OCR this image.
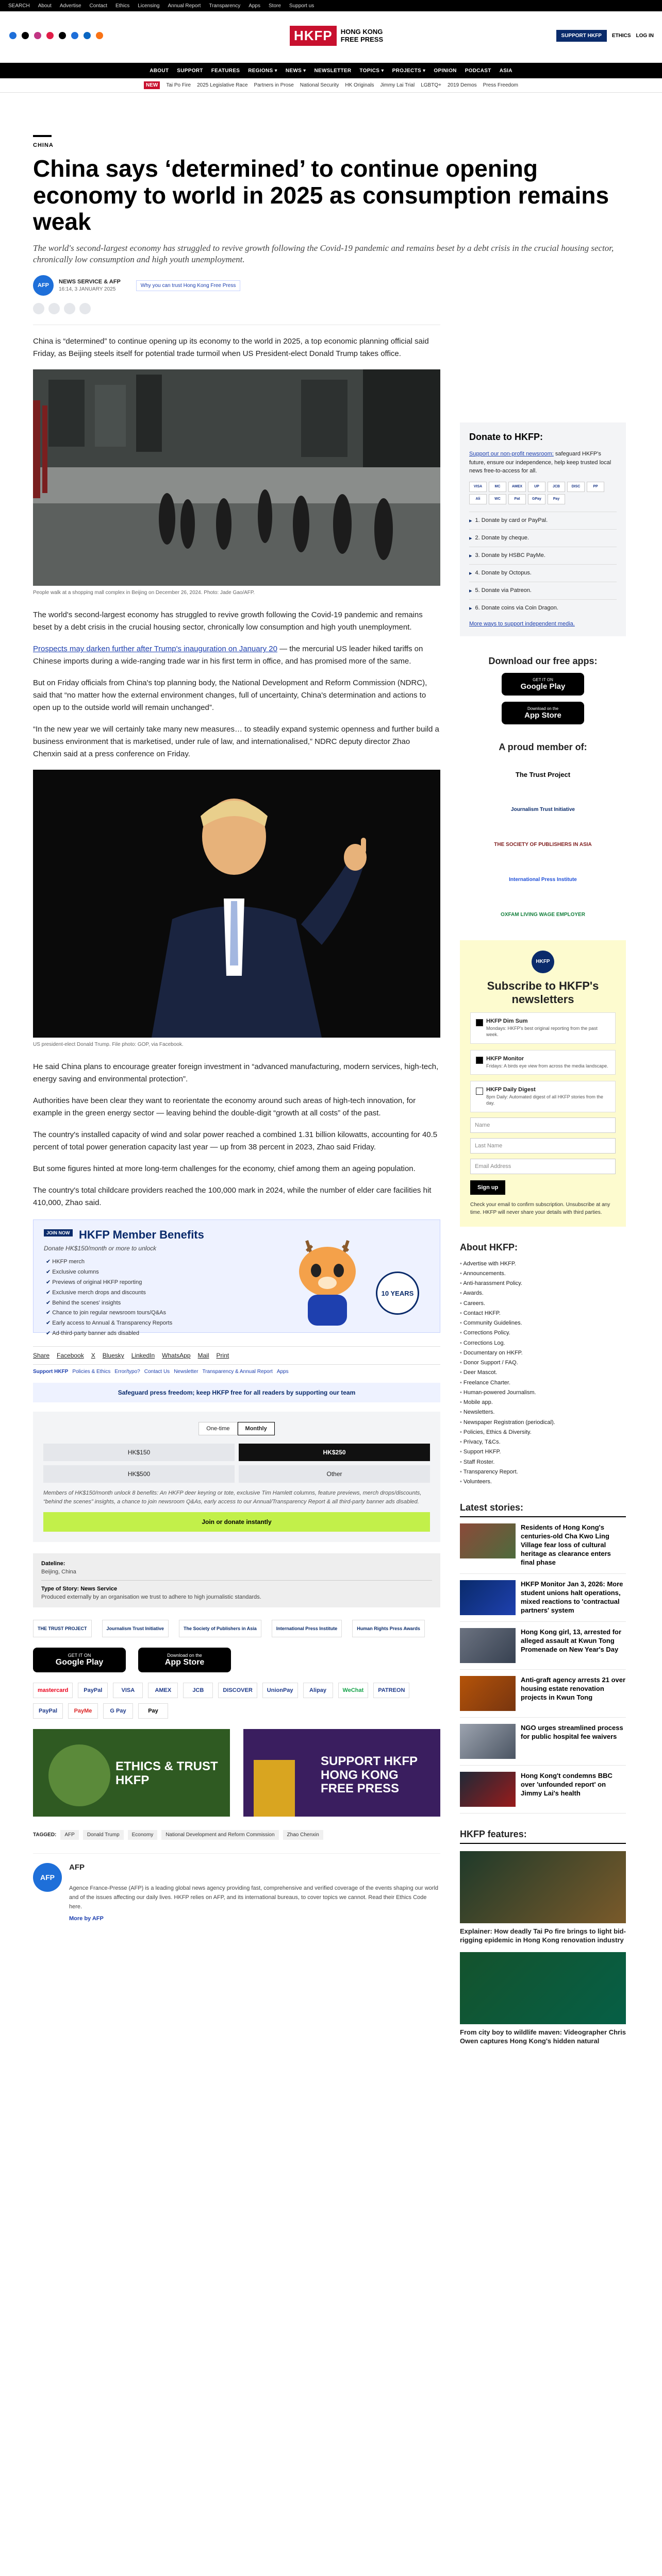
SEARCH About Advertise Contact Ethics Licensing Annual Report Transparency Apps Store Support us
HKFP	HONG KONG
FREE PRESS	SUPPORT HKFP	ETHICS LOG IN
ABOUT SUPPORT FEATURES REGIONS ▾ NEWS ▾ NEWSLETTER TOPICS ▾ PROJECTS ▾ OPINION PODCAST ASIA
NEW	Tai Po Fire 2025 Legislative Race Partners in Prose National Security HK Originals Jimmy Lai Trial LGBTQ+ 2019 Demos Press Freedom
CHINA
China says ‘determined’ to continue opening economy to world in 2025 as consumption remains weak
The world's second-largest economy has struggled to revive growth following the Covid-19 pandemic and remains beset by a debt crisis in the crucial housing sector, chronically low consumption and high youth unemployment.
AFP
NEWS SERVICE & AFP
16:14, 3 JANUARY 2025
Why you can trust Hong Kong Free Press

China is “determined” to continue opening up its economy to the world in 2025, a top economic planning official said Friday, as Beijing steels itself for potential trade turmoil when US President-elect Donald Trump takes office.

People walk at a shopping mall complex in Beijing on December 26, 2024. Photo: Jade Gao/AFP.

The world's second-largest economy has struggled to revive growth following the Covid-19 pandemic and remains beset by a debt crisis in the crucial housing sector, chronically low consumption and high youth unemployment.

Prospects may darken further after Trump's inauguration on January 20 — the mercurial US leader hiked tariffs on Chinese imports during a wide-ranging trade war in his first term in office, and has promised more of the same.

But on Friday officials from China's top planning body, the National Development and Reform Commission (NDRC), said that “no matter how the external environment changes, full of uncertainty, China's determination and actions to open up to the outside world will remain unchanged”.

“In the new year we will certainly take many new measures… to steadily expand systemic openness and further build a business environment that is marketised, under rule of law, and internationalised,” NDRC deputy director Zhao Chenxin said at a press conference on Friday.

US president-elect Donald Trump. File photo: GOP, via Facebook.

He said China plans to encourage greater foreign investment in “advanced manufacturing, modern services, high-tech, energy saving and environmental protection”.

Authorities have been clear they want to reorientate the economy around such areas of high-tech innovation, for example in the green energy sector — leaving behind the double-digit “growth at all costs” of the past.

The country's installed capacity of wind and solar power reached a combined 1.31 billion kilowatts, accounting for 40.5 percent of total power generation capacity last year — up from 38 percent in 2023, Zhao said Friday.

But some figures hinted at more long-term challenges for the economy, chief among them an ageing population.

The country's total childcare providers reached the 100,000 mark in 2024, while the number of elder care facilities hit 410,000, Zhao said.

JOIN NOW HKFP Member Benefits
Donate HK$150/month or more to unlock
✔ HKFP merch
✔ Exclusive columns
✔ Previews of original HKFP reporting
✔ Exclusive merch drops and discounts
✔ Behind the scenes' insights
✔ Chance to join regular newsroom tours/Q&As
✔ Early access to Annual & Transparency Reports
✔ Ad-third-party banner ads disabled
10 YEARS
Share Facebook X Bluesky LinkedIn WhatsApp Mail Print
Support HKFP Policies & Ethics Error/typo? Contact Us Newsletter Transparency & Annual Report Apps
Safeguard press freedom; keep HKFP free for all readers by supporting our team
One-time	Monthly
HK$150	HK$250
HK$500	Other
Members of HK$150/month unlock 8 benefits: An HKFP deer keyring or tote, exclusive Tim Hamlett columns, feature previews, merch drops/discounts, “behind the scenes” insights, a chance to join newsroom Q&As, early access to our Annual/Transparency Report & all third-party banner ads disabled.
Join or donate instantly
Dateline:
Beijing, China
Type of Story: News Service
Produced externally by an organisation we trust to adhere to high journalistic standards.
THE TRUST PROJECT	Journalism Trust Initiative	The Society of Publishers in Asia	International Press Institute	Human Rights Press Awards
GET IT ON
Google Play
Download on the
App Store
mastercard	PayPal	VISA	AMEX	JCB	DISCOVER	UnionPay	Alipay	WeChat	PATREON
PayPal	PayMe	G Pay	Pay
ETHICS & TRUST HKFP
SUPPORT HKFP HONG KONG FREE PRESS
TAGGED:	AFP	Donald Trump	Economy	National Development and Reform Commission	Zhao Chenxin
AFP
AFP
Agence France-Presse (AFP) is a leading global news agency providing fast, comprehensive and verified coverage of the events shaping our world and of the issues affecting our daily lives. HKFP relies on AFP, and its international bureaus, to cover topics we cannot. Read their Ethics Code here.
More by AFP
Donate to HKFP:
Support our non-profit newsroom: safeguard HKFP's future, ensure our independence, help keep trusted local news free-to-access for all.
VISA	MC	AMEX	UP	JCB	DISC	PP
Ali	WC	Pat	GPay	Pay
▸ 1. Donate by card or PayPal.
▸ 2. Donate by cheque.
▸ 3. Donate by HSBC PayMe.
▸ 4. Donate by Octopus.
▸ 5. Donate via Patreon.
▸ 6. Donate coins via Coin Dragon.
More ways to support independent media.
Download our free apps:
GET IT ON
Google Play
Download on the
App Store
A proud member of:
The Trust Project
Journalism Trust Initiative
THE SOCIETY OF PUBLISHERS IN ASIA
International Press Institute
OXFAM LIVING WAGE EMPLOYER
HKFP
Subscribe to HKFP's newsletters
HKFP Dim Sum
Mondays: HKFP's best original reporting from the past week.
HKFP Monitor
Fridays: A birds eye view from across the media landscape.
HKFP Daily Digest
8pm Daily: Automated digest of all HKFP stories from the day.
Name
Last Name
Email Address
Sign up
Check your email to confirm subscription. Unsubscribe at any time. HKFP will never share your details with third parties.
About HKFP:
• Advertise with HKFP.
• Announcements.
• Anti-harassment Policy.
• Awards.
• Careers.
• Contact HKFP.
• Community Guidelines.
• Corrections Policy.
• Corrections Log.
• Documentary on HKFP.
• Donor Support / FAQ.
• Deer Mascot.
• Freelance Charter.
• Human-powered Journalism.
• Mobile app.
• Newsletters.
• Newspaper Registration (periodical).
• Policies, Ethics & Diversity.
• Privacy, T&Cs.
• Support HKFP.
• Staff Roster.
• Transparency Report.
• Volunteers.
Latest stories:
Residents of Hong Kong's centuries-old Cha Kwo Ling Village fear loss of cultural heritage as clearance enters final phase
HKFP Monitor Jan 3, 2026: More student unions halt operations, mixed reactions to 'contractual partners' system
Hong Kong girl, 13, arrested for alleged assault at Kwun Tong Promenade on New Year's Day
Anti-graft agency arrests 21 over housing estate renovation projects in Kwun Tong
NGO urges streamlined process for public hospital fee waivers
Hong Kong't condemns BBC over 'unfounded report' on Jimmy Lai's health
HKFP features:
Explainer: How deadly Tai Po fire brings to light bid-rigging epidemic in Hong Kong renovation industry
From city boy to wildlife maven: Videographer Chris Owen captures Hong Kong's hidden natural
